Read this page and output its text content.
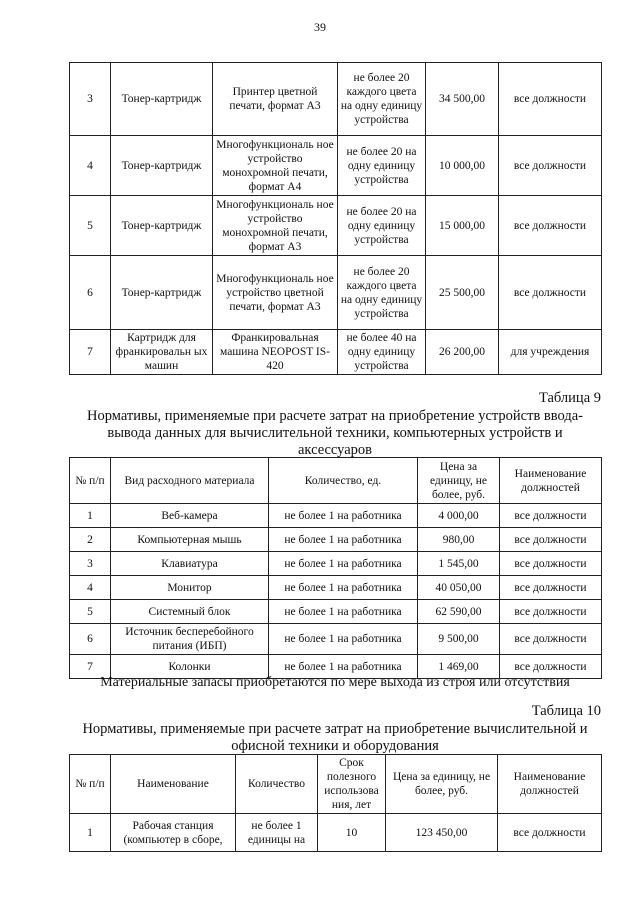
39
3	Тонер-картридж	Принтер цветной печати, формат А3	не более 20 каждого цвета на одну единицу устройства	34 500,00	все должности
4	Тонер-картридж	Многофункциональ ное устройство монохромной печати, формат А4	не более 20 на одну единицу устройства	10 000,00	все должности
5	Тонер-картридж	Многофункциональ ное устройство монохромной печати, формат А3	не более 20 на одну единицу устройства	15 000,00	все должности
6	Тонер-картридж	Многофункциональ ное устройство цветной печати, формат А3	не более 20 каждого цвета на одну единицу устройства	25 500,00	все должности
7	Картридж для франкировальн ых машин	Франкировальная машина NEOPOST IS-420	не более 40 на одну единицу устройства	26 200,00	для учреждения
Таблица 9
Нормативы, применяемые при расчете затрат на приобретение устройств ввода-вывода данных для вычислительной техники, компьютерных устройств и аксессуаров
№ п/п	Вид расходного материала	Количество, ед.	Цена за единицу, не более, руб.	Наименование должностей
1	Веб-камера	не более 1 на работника	4 000,00	все должности
2	Компьютерная мышь	не более 1 на работника	980,00	все должности
3	Клавиатура	не более 1 на работника	1 545,00	все должности
4	Монитор	не более 1 на работника	40 050,00	все должности
5	Системный блок	не более 1 на работника	62 590,00	все должности
6	Источник бесперебойного питания (ИБП)	не более 1 на работника	9 500,00	все должности
7	Колонки	не более 1 на работника	1 469,00	все должности
Материальные запасы приобретаются по мере выхода из строя или отсутствия
Таблица 10
Нормативы, применяемые при расчете затрат на приобретение вычислительной и офисной техники и оборудования
№ п/п	Наименование	Количество	Срок полезного использова ния, лет	Цена за единицу, не более, руб.	Наименование должностей
1	Рабочая станция (компьютер в сборе,	не более 1 единицы на	10	123 450,00	все должности
